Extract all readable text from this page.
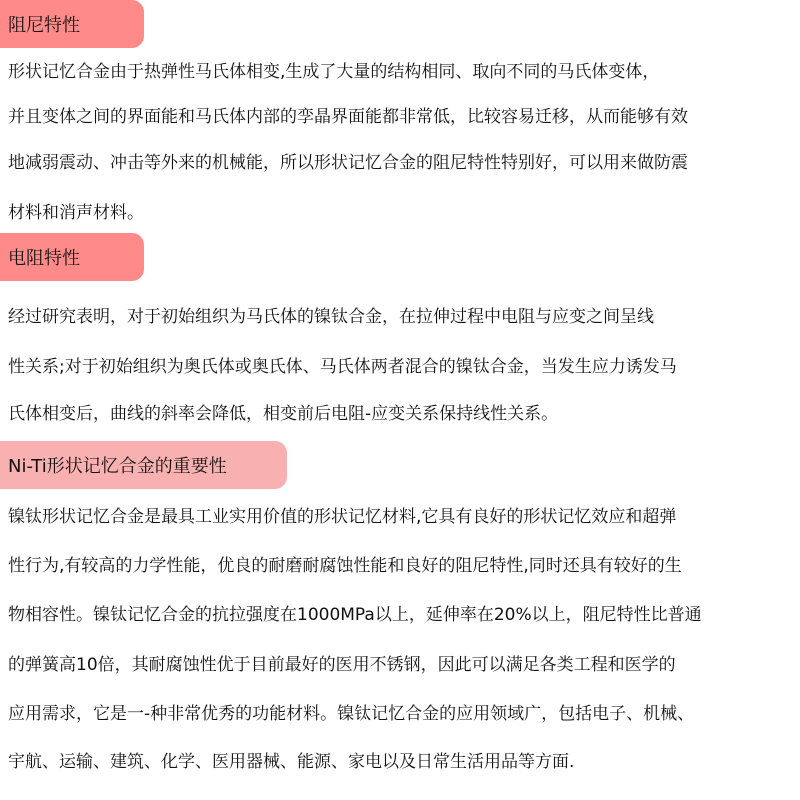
阻尼特性
形状记忆合金由于热弹性马氏体相变,生成了大量的结构相同、取向不同的马氏体变体，
并且变体之间的界面能和马氏体内部的孪晶界面能都非常低，比较容易迁移，从而能够有效
地减弱震动、冲击等外来的机械能，所以形状记忆合金的阻尼特性特别好，可以用来做防震
材料和消声材料。
电阻特性
经过研究表明，对于初始组织为马氏体的镍钛合金，在拉伸过程中电阻与应变之间呈线
性关系;对于初始组织为奥氏体或奥氏体、马氏体两者混合的镍钛合金，当发生应力诱发马
氏体相变后，曲线的斜率会降低，相变前后电阻-应变关系保持线性关系。
Ni-Ti形状记忆合金的重要性
镍钛形状记忆合金是最具工业实用价值的形状记忆材料,它具有良好的形状记忆效应和超弹
性行为,有较高的力学性能，优良的耐磨耐腐蚀性能和良好的阻尼特性,同时还具有较好的生
物相容性。镍钛记忆合金的抗拉强度在1000MPa以上，延伸率在20%以上，阻尼特性比普通
的弹簧高10倍，其耐腐蚀性优于目前最好的医用不锈钢，因此可以满足各类工程和医学的
应用需求，它是一-种非常优秀的功能材料。镍钛记忆合金的应用领域广，包括电子、机械、
宇航、运输、建筑、化学、医用器械、能源、家电以及日常生活用品等方面.
